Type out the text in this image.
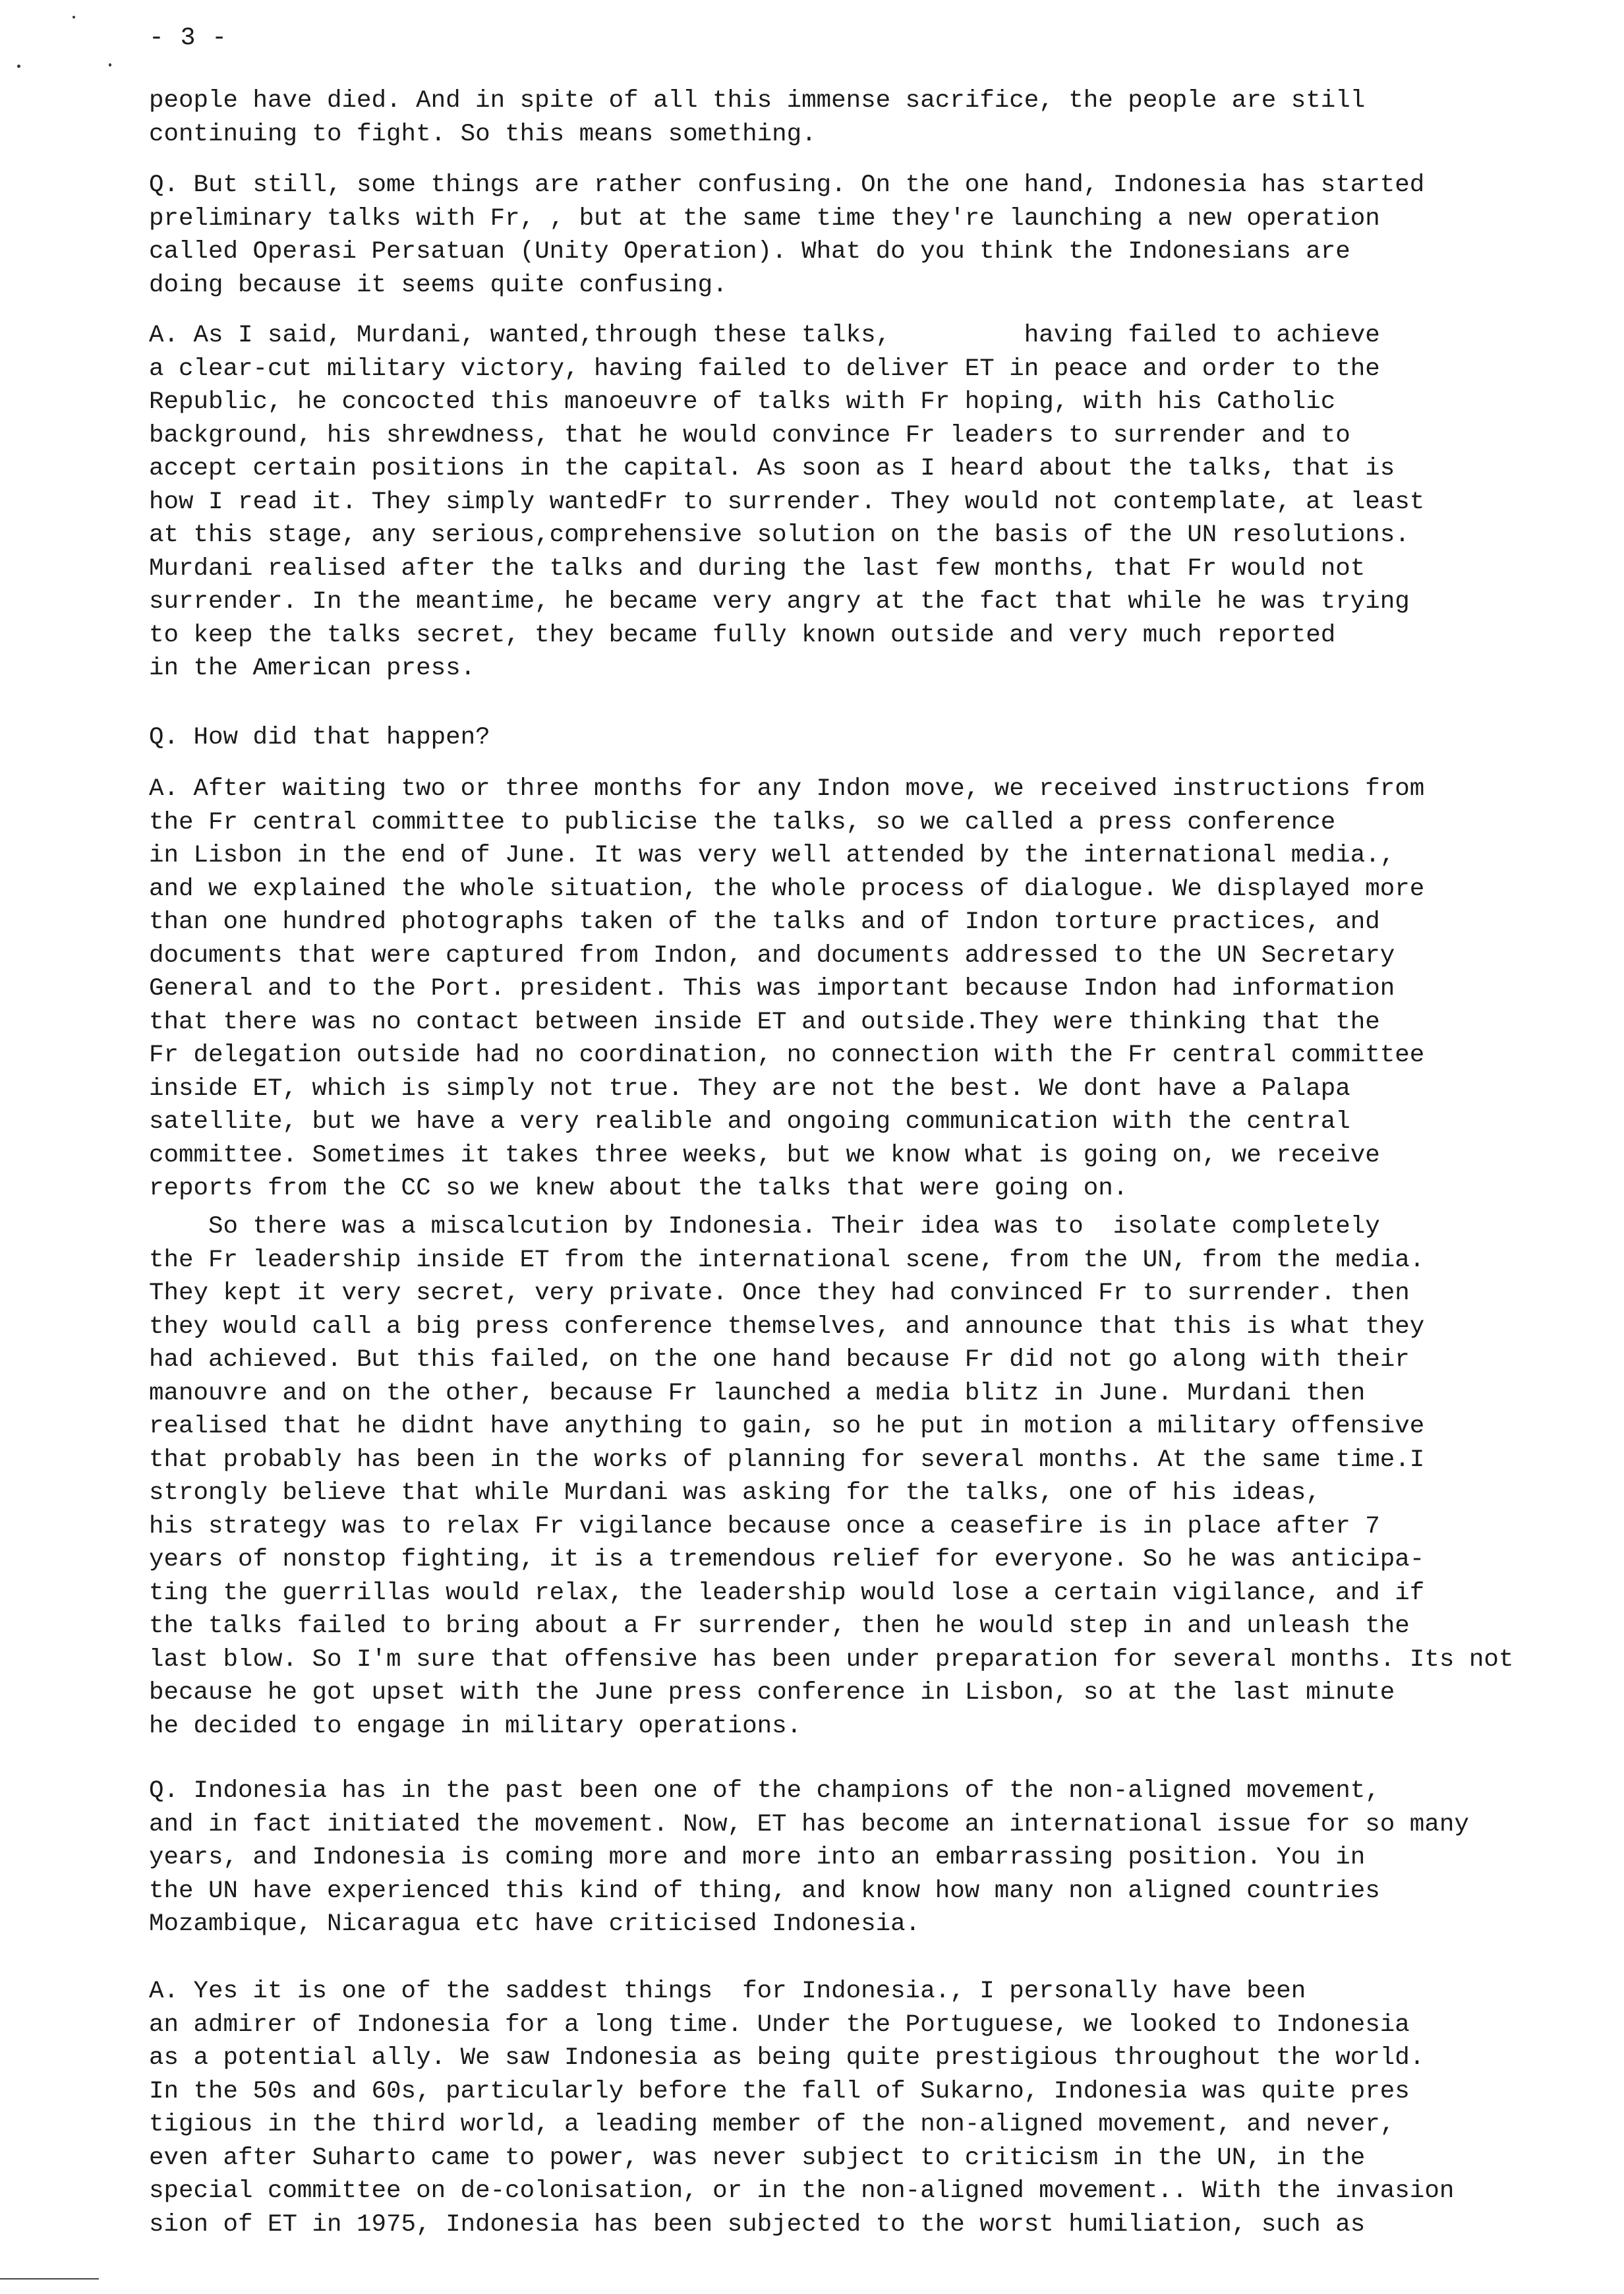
- 3 -
people have died. And in spite of all this immense sacrifice, the people are still
continuing to fight. So this means something.
Q. But still, some things are rather confusing. On the one hand, Indonesia has started
preliminary talks with Fr, , but at the same time they're launching a new operation
called Operasi Persatuan (Unity Operation). What do you think the Indonesians are
doing because it seems quite confusing.
A. As I said, Murdani, wanted,through these talks,         having failed to achieve
a clear-cut military victory, having failed to deliver ET in peace and order to the
Republic, he concocted this manoeuvre of talks with Fr hoping, with his Catholic
background, his shrewdness, that he would convince Fr leaders to surrender and to
accept certain positions in the capital. As soon as I heard about the talks, that is
how I read it. They simply wantedFr to surrender. They would not contemplate, at least
at this stage, any serious,comprehensive solution on the basis of the UN resolutions.
Murdani realised after the talks and during the last few months, that Fr would not
surrender. In the meantime, he became very angry at the fact that while he was trying
to keep the talks secret, they became fully known outside and very much reported
in the American press.
Q. How did that happen?
A. After waiting two or three months for any Indon move, we received instructions from
the Fr central committee to publicise the talks, so we called a press conference
in Lisbon in the end of June. It was very well attended by the international media.,
and we explained the whole situation, the whole process of dialogue. We displayed more
than one hundred photographs taken of the talks and of Indon torture practices, and
documents that were captured from Indon, and documents addressed to the UN Secretary
General and to the Port. president. This was important because Indon had information
that there was no contact between inside ET and outside.They were thinking that the
Fr delegation outside had no coordination, no connection with the Fr central committee
inside ET, which is simply not true. They are not the best. We dont have a Palapa
satellite, but we have a very realible and ongoing communication with the central
committee. Sometimes it takes three weeks, but we know what is going on, we receive
reports from the CC so we knew about the talks that were going on.
So there was a miscalcution by Indonesia. Their idea was to  isolate completely
the Fr leadership inside ET from the international scene, from the UN, from the media.
They kept it very secret, very private. Once they had convinced Fr to surrender. then
they would call a big press conference themselves, and announce that this is what they
had achieved. But this failed, on the one hand because Fr did not go along with their
manouvre and on the other, because Fr launched a media blitz in June. Murdani then
realised that he didnt have anything to gain, so he put in motion a military offensive
that probably has been in the works of planning for several months. At the same time.I
strongly believe that while Murdani was asking for the talks, one of his ideas,
his strategy was to relax Fr vigilance because once a ceasefire is in place after 7
years of nonstop fighting, it is a tremendous relief for everyone. So he was anticipa-
ting the guerrillas would relax, the leadership would lose a certain vigilance, and if
the talks failed to bring about a Fr surrender, then he would step in and unleash the
last blow. So I'm sure that offensive has been under preparation for several months. Its not
because he got upset with the June press conference in Lisbon, so at the last minute
he decided to engage in military operations.
Q. Indonesia has in the past been one of the champions of the non-aligned movement,
and in fact initiated the movement. Now, ET has become an international issue for so many
years, and Indonesia is coming more and more into an embarrassing position. You in
the UN have experienced this kind of thing, and know how many non aligned countries
Mozambique, Nicaragua etc have criticised Indonesia.
A. Yes it is one of the saddest things  for Indonesia., I personally have been
an admirer of Indonesia for a long time. Under the Portuguese, we looked to Indonesia
as a potential ally. We saw Indonesia as being quite prestigious throughout the world.
In the 50s and 60s, particularly before the fall of Sukarno, Indonesia was quite pres
tigious in the third world, a leading member of the non-aligned movement, and never,
even after Suharto came to power, was never subject to criticism in the UN, in the
special committee on de-colonisation, or in the non-aligned movement.. With the invasion
sion of ET in 1975, Indonesia has been subjected to the worst humiliation, such as
